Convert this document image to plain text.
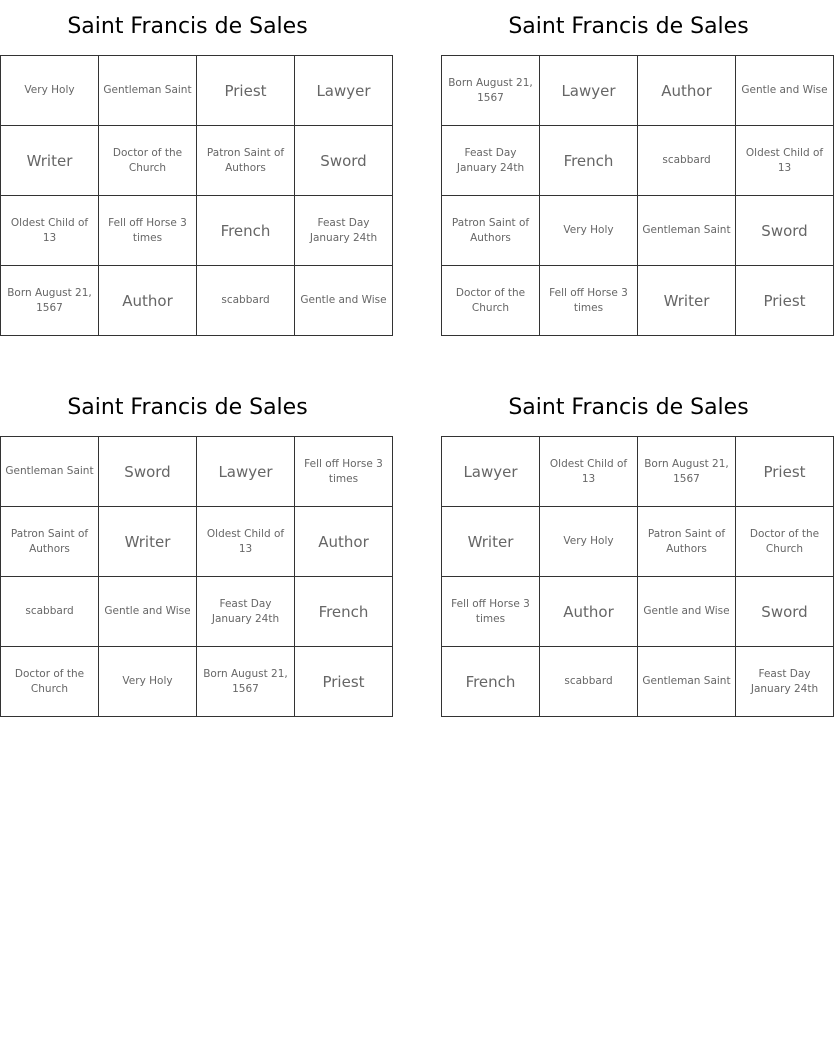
Saint Francis de Sales
Very Holy	Gentleman Saint	Priest	Lawyer
Writer	Doctor of the Church	Patron Saint of Authors	Sword
Oldest Child of 13	Fell off Horse 3 times	French	Feast Day January 24th
Born August 21, 1567	Author	scabbard	Gentle and Wise
Saint Francis de Sales
Born August 21, 1567	Lawyer	Author	Gentle and Wise
Feast Day January 24th	French	scabbard	Oldest Child of 13
Patron Saint of Authors	Very Holy	Gentleman Saint	Sword
Doctor of the Church	Fell off Horse 3 times	Writer	Priest
Saint Francis de Sales
Gentleman Saint	Sword	Lawyer	Fell off Horse 3 times
Patron Saint of Authors	Writer	Oldest Child of 13	Author
scabbard	Gentle and Wise	Feast Day January 24th	French
Doctor of the Church	Very Holy	Born August 21, 1567	Priest
Saint Francis de Sales
Lawyer	Oldest Child of 13	Born August 21, 1567	Priest
Writer	Very Holy	Patron Saint of Authors	Doctor of the Church
Fell off Horse 3 times	Author	Gentle and Wise	Sword
French	scabbard	Gentleman Saint	Feast Day January 24th
